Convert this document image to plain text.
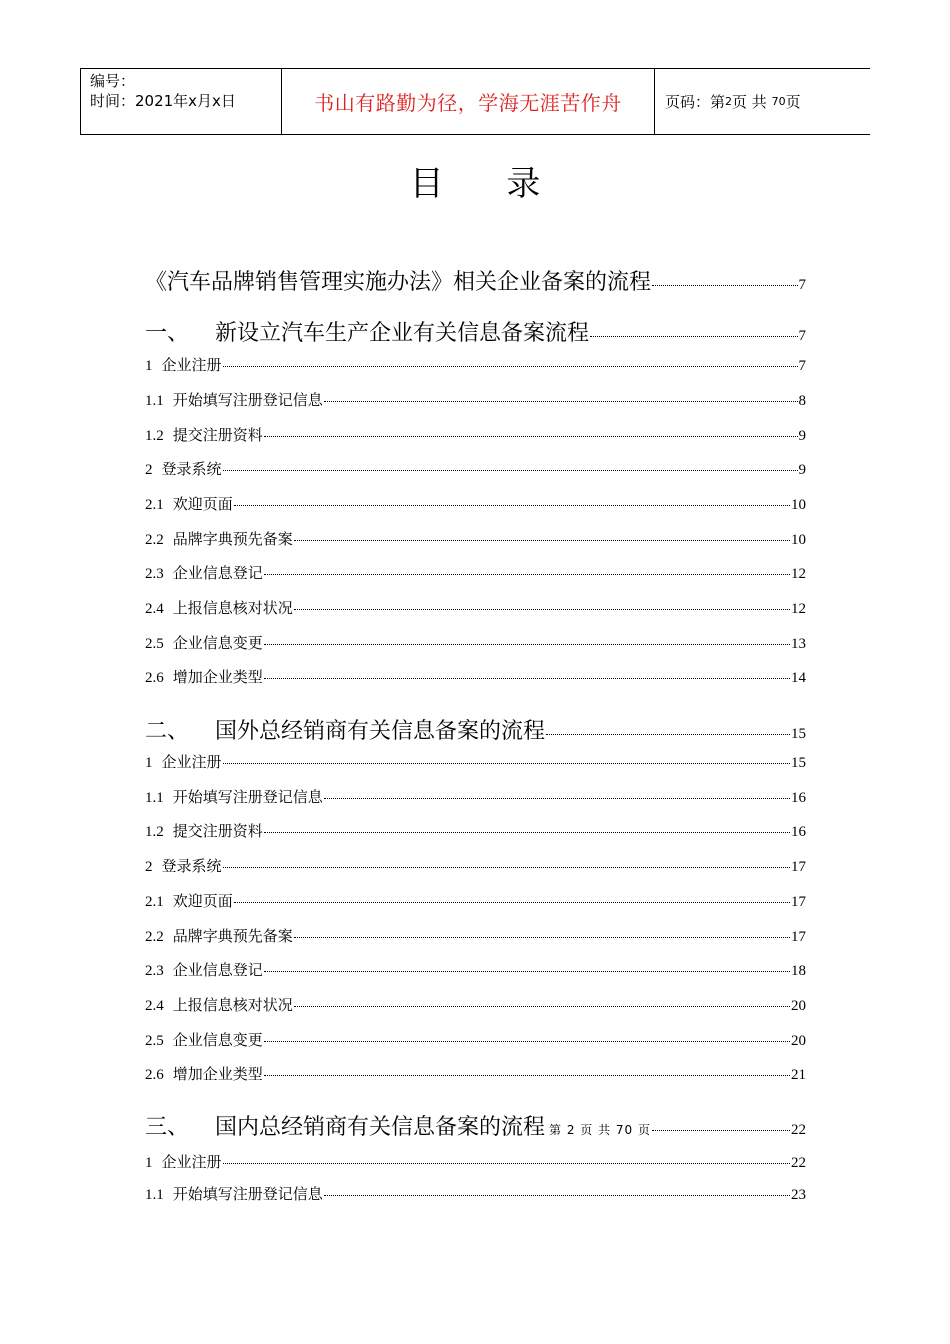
编号：
时间：2021年x月x日	书山有路勤为径，学海无涯苦作舟	页码：第 2 页 共
70 页
目 录
《汽车品牌销售管理实施办法》相关企业备案的流程	7
一、 新设立汽车生产企业有关信息备案流程	7
1 企业注册	7
1.1 开始填写注册登记信息	8
1.2 提交注册资料	9
2 登录系统	9
2.1 欢迎页面	10
2.2 品牌字典预先备案	10
2.3 企业信息登记	12
2.4 上报信息核对状况	12
2.5 企业信息变更	13
2.6 增加企业类型	14
二、 国外总经销商有关信息备案的流程	15
1 企业注册	15
1.1 开始填写注册登记信息	16
1.2 提交注册资料	16
2 登录系统	17
2.1 欢迎页面	17
2.2 品牌字典预先备案	17
2.3 企业信息登记	18
2.4 上报信息核对状况	20
2.5 企业信息变更	20
2.6 增加企业类型	21
三、 国内总经销商有关信息备案的流程 第 2 页 共 70 页	22
1 企业注册	22
1.1 开始填写注册登记信息	23
